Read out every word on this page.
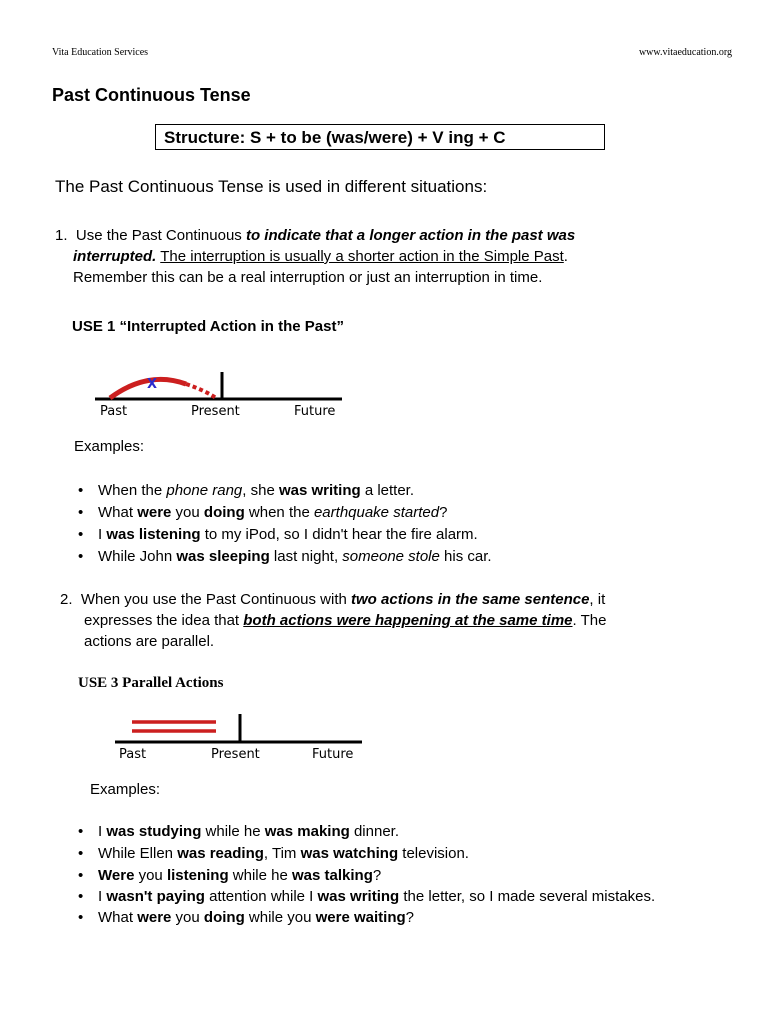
Vita Education Services	www.vitaeducation.org
Past Continuous Tense
Structure: S + to be (was/were) + V ing + C
The Past Continuous Tense is used in different situations:
1. Use the Past Continuous to indicate that a longer action in the past was
interrupted. The interruption is usually a shorter action in the Simple Past.
Remember this can be a real interruption or just an interruption in time.
USE 1 “Interrupted Action in the Past”
X
Past	Present	Future
Examples:
• When the phone rang, she was writing a letter.
• What were you doing when the earthquake started?
• I was listening to my iPod, so I didn't hear the fire alarm.
• While John was sleeping last night, someone stole his car.
2. When you use the Past Continuous with two actions in the same sentence, it
expresses the idea that both actions were happening at the same time. The
actions are parallel.
USE 3 Parallel Actions
Past	Present	Future
Examples:
• I was studying while he was making dinner.
• While Ellen was reading, Tim was watching television.
• Were you listening while he was talking?
• I wasn't paying attention while I was writing the letter, so I made several mistakes.
• What were you doing while you were waiting?
